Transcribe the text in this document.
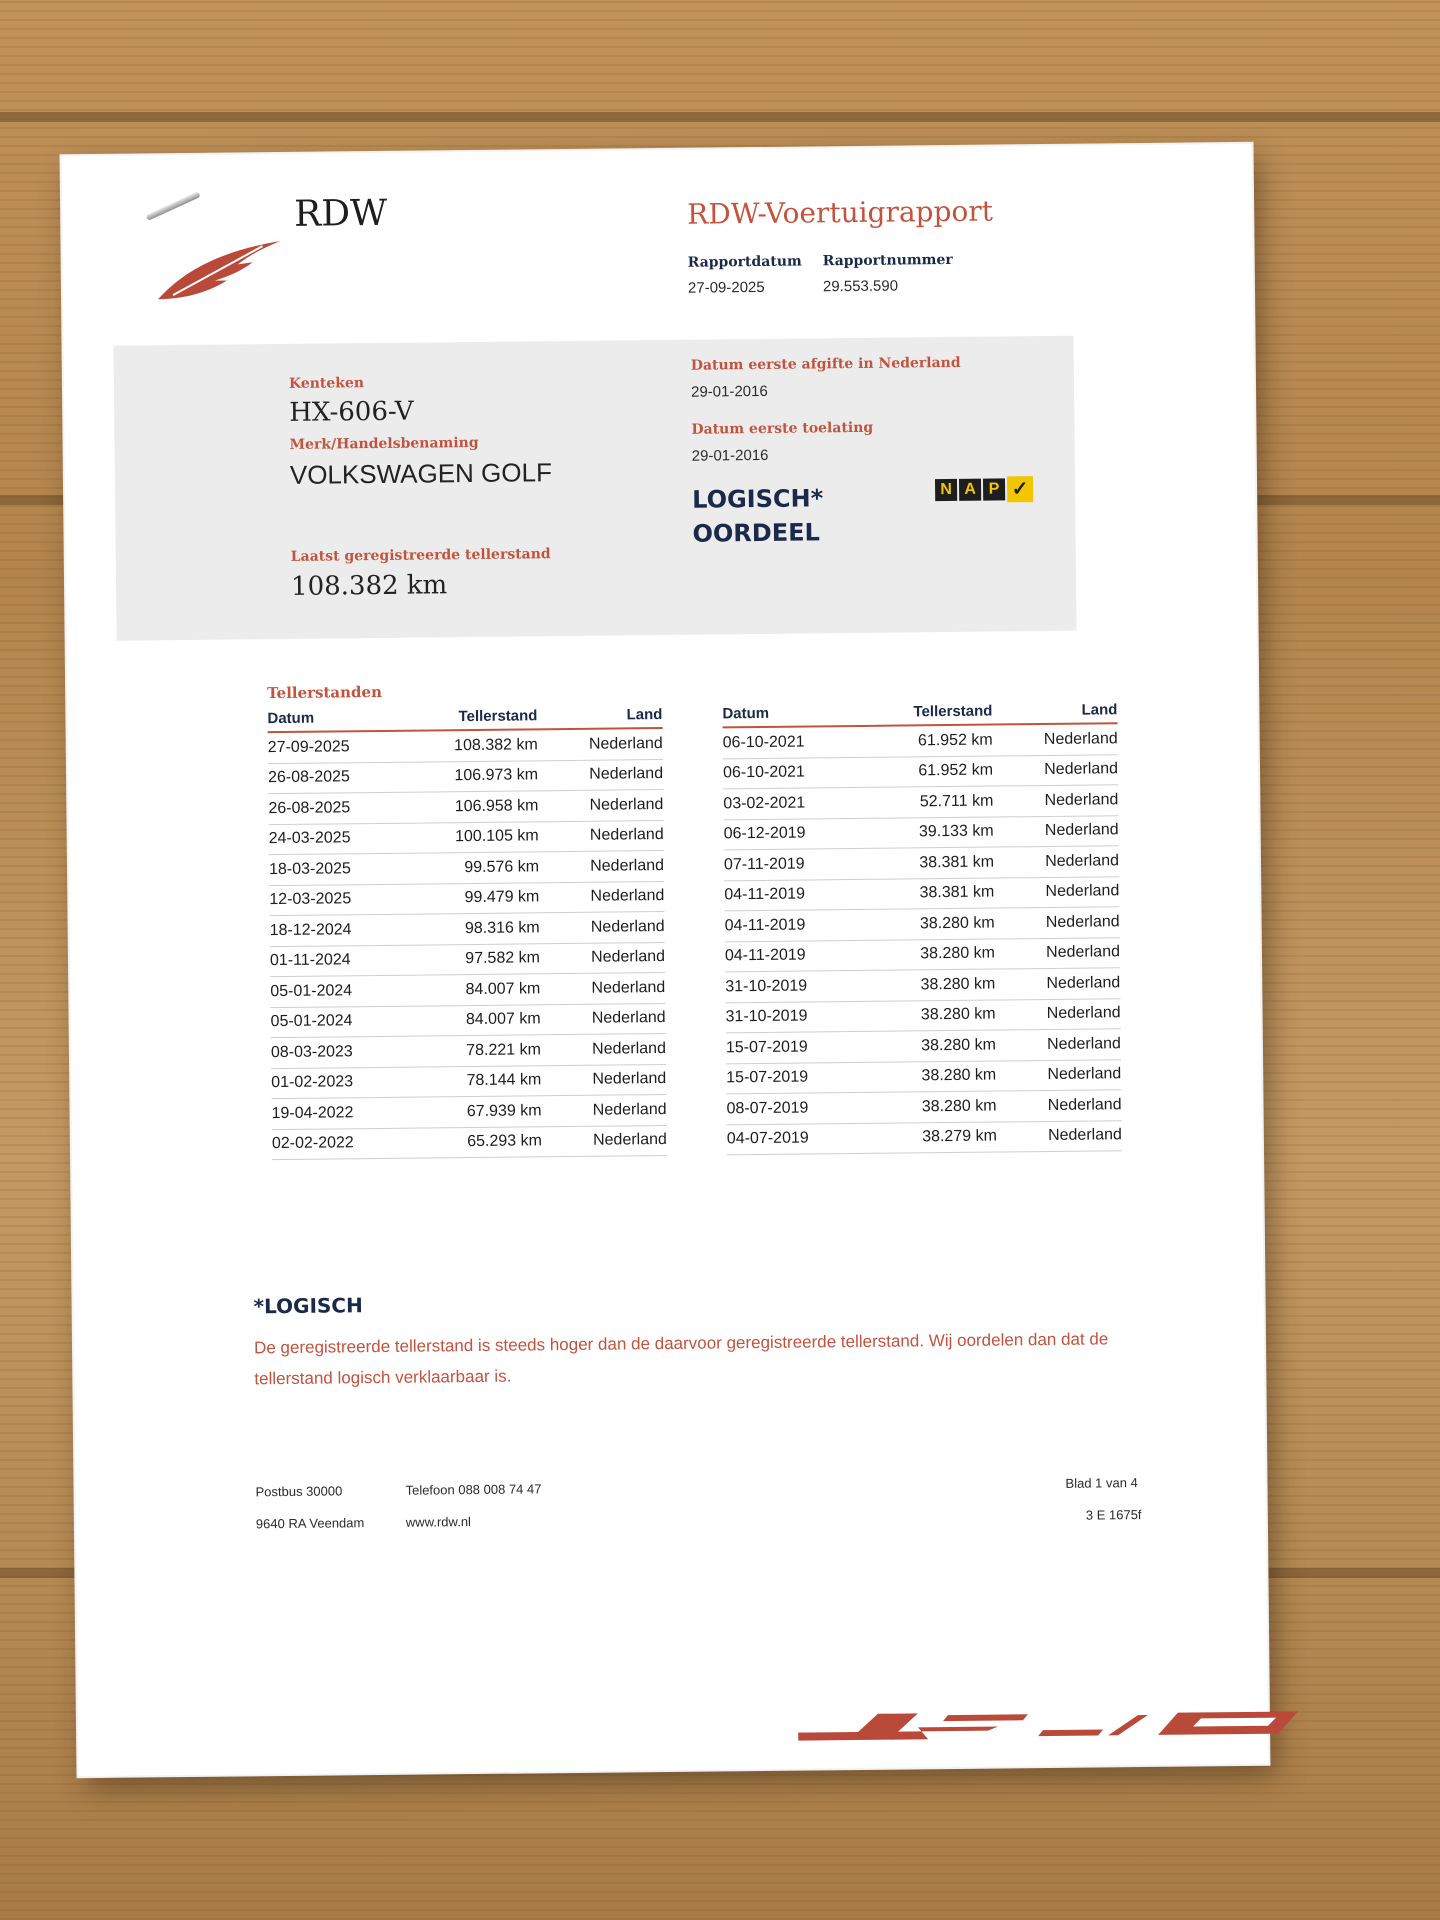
RDW	RDW-Voertuigrapport
Rapportdatum
27-09-2025
Rapportnummer
29.553.590
Kenteken
HX-606-V
Merk/Handelsbenaming
VOLKSWAGEN GOLF
Laatst geregistreerde tellerstand
108.382 km
Datum eerste afgifte in Nederland
29-01-2016
Datum eerste toelating
29-01-2016
LOGISCH*
OORDEEL
N A P ✓
Tellerstanden
Datum	Tellerstand	Land
27-09-2025	108.382 km	Nederland
26-08-2025	106.973 km	Nederland
26-08-2025	106.958 km	Nederland
24-03-2025	100.105 km	Nederland
18-03-2025	99.576 km	Nederland
12-03-2025	99.479 km	Nederland
18-12-2024	98.316 km	Nederland
01-11-2024	97.582 km	Nederland
05-01-2024	84.007 km	Nederland
05-01-2024	84.007 km	Nederland
08-03-2023	78.221 km	Nederland
01-02-2023	78.144 km	Nederland
19-04-2022	67.939 km	Nederland
02-02-2022	65.293 km	Nederland
Datum	Tellerstand	Land
06-10-2021	61.952 km	Nederland
06-10-2021	61.952 km	Nederland
03-02-2021	52.711 km	Nederland
06-12-2019	39.133 km	Nederland
07-11-2019	38.381 km	Nederland
04-11-2019	38.381 km	Nederland
04-11-2019	38.280 km	Nederland
04-11-2019	38.280 km	Nederland
31-10-2019	38.280 km	Nederland
31-10-2019	38.280 km	Nederland
15-07-2019	38.280 km	Nederland
15-07-2019	38.280 km	Nederland
08-07-2019	38.280 km	Nederland
04-07-2019	38.279 km	Nederland
*LOGISCH
De geregistreerde tellerstand is steeds hoger dan de daarvoor geregistreerde tellerstand. Wij oordelen dan dat de tellerstand logisch verklaarbaar is.
Postbus 30000
9640 RA Veendam
Telefoon 088 008 74 47
www.rdw.nl
Blad 1 van 4
3 E 1675f
